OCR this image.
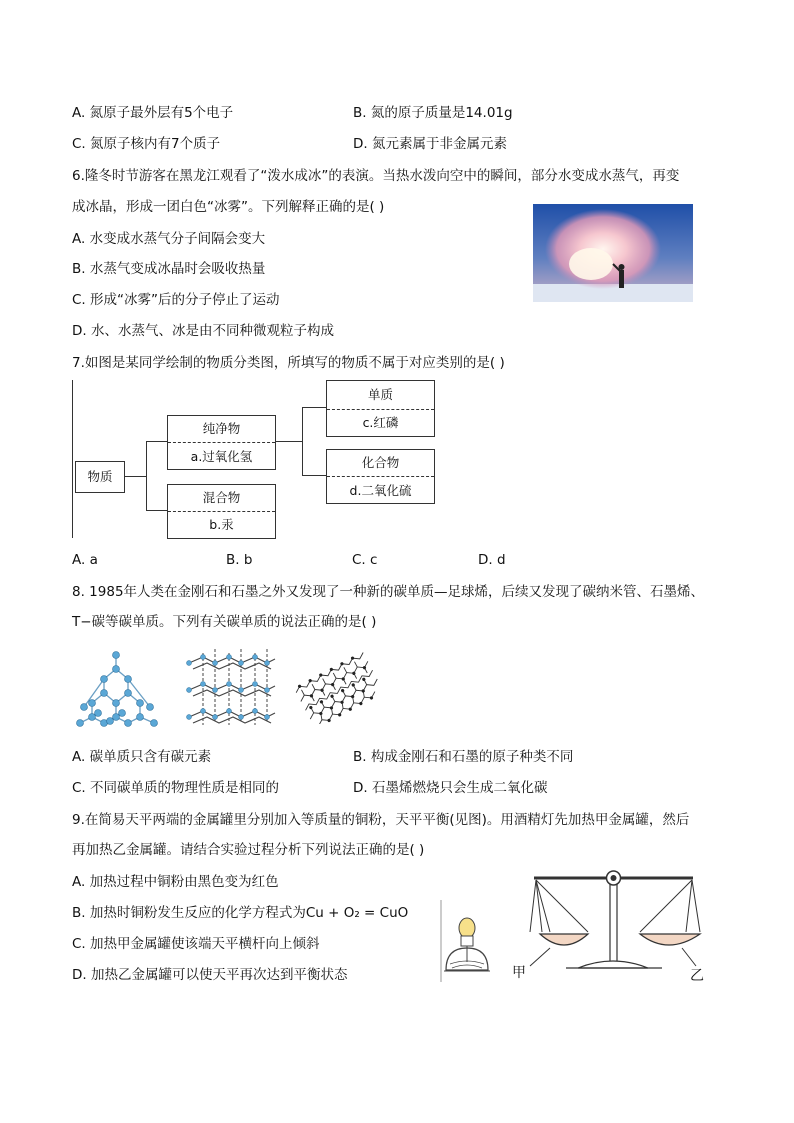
A. 氮原子最外层有5个电子	B. 氮的原子质量是14.01g
C. 氮原子核内有7个质子	D. 氮元素属于非金属元素
6.隆冬时节游客在黑龙江观看了“泼水成冰”的表演。当热水泼向空中的瞬间，部分水变成水蒸气，再变
成冰晶，形成一团白色“冰雾”。下列解释正确的是( )
A. 水变成水蒸气分子间隔会变大
B. 水蒸气变成冰晶时会吸收热量
C. 形成“冰雾”后的分子停止了运动
D. 水、水蒸气、冰是由不同种微观粒子构成
7.如图是某同学绘制的物质分类图，所填写的物质不属于对应类别的是( )
物质
纯净物
a.过氧化氢
混合物
b.汞
单质
c.红磷
化合物
d.二氧化硫
A. a	B. b	C. c	D. d
8. 1985年人类在金刚石和石墨之外又发现了一种新的碳单质—足球烯，后续又发现了碳纳米管、石墨烯、
T−碳等碳单质。下列有关碳单质的说法正确的是( )
A. 碳单质只含有碳元素	B. 构成金刚石和石墨的原子种类不同
C. 不同碳单质的物理性质是相同的	D. 石墨烯燃烧只会生成二氧化碳
9.在简易天平两端的金属罐里分别加入等质量的铜粉，天平平衡(见图)。用酒精灯先加热甲金属罐，然后
再加热乙金属罐。请结合实验过程分析下列说法正确的是( )
A. 加热过程中铜粉由黑色变为红色
B. 加热时铜粉发生反应的化学方程式为Cu + O₂ = CuO
C. 加热甲金属罐使该端天平横杆向上倾斜
D. 加热乙金属罐可以使天平再次达到平衡状态	甲	乙
